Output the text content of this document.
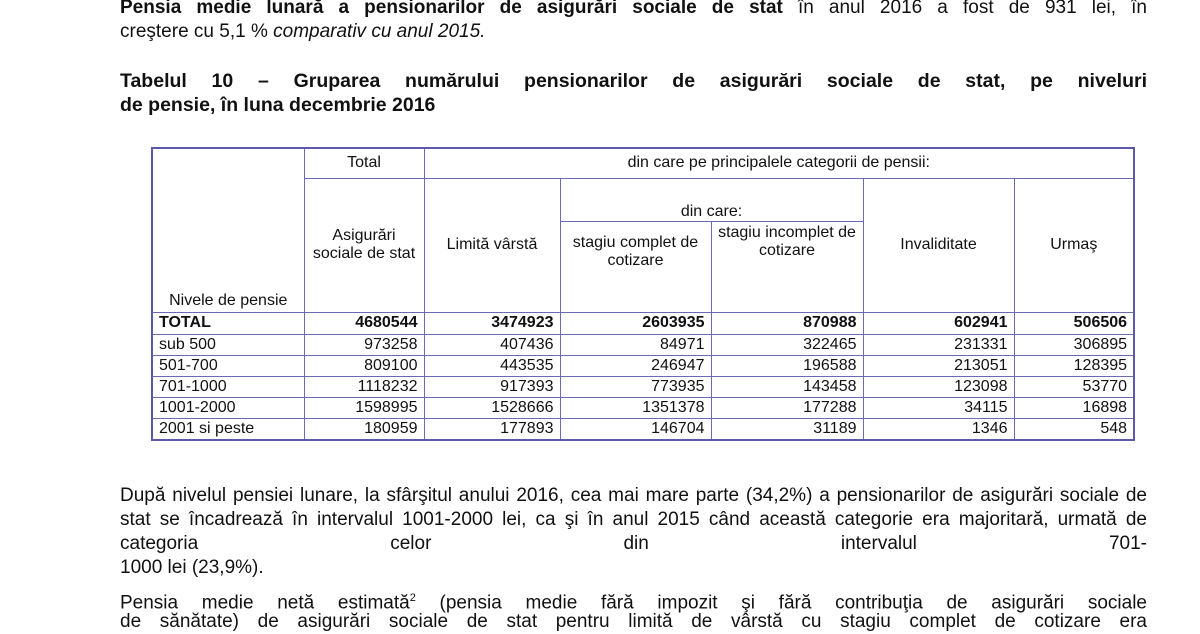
Pensia medie lunară a pensionarilor de asigurări sociale de stat în anul 2016 a fost de 931 lei, în
creştere cu 5,1 % comparativ cu anul 2015.
Tabelul 10 – Gruparea numărului pensionarilor de asigurări sociale de stat, pe niveluri
de pensie, în luna decembrie 2016
Nivele de pensie	Total	din care pe principalele categorii de pensii:				
	Asigurări sociale de stat	Limită vârstă	din care:		Invaliditate	Urmaş
			stagiu complet de cotizare	stagiu incomplet de cotizare		
TOTAL	4680544	3474923	2603935	870988	602941	506506
sub 500	973258	407436	84971	322465	231331	306895
501-700	809100	443535	246947	196588	213051	128395
701-1000	1118232	917393	773935	143458	123098	53770
1001-2000	1598995	1528666	1351378	177288	34115	16898
2001 si peste	180959	177893	146704	31189	1346	548
După nivelul pensiei lunare, la sfârşitul anului 2016, cea mai mare parte (34,2%) a pensionarilor de asigurări sociale de stat se încadrează în intervalul 1001-2000 lei, ca şi în anul 2015 când această categorie era majoritară, urmată de categoria celor din intervalul 701-
1000 lei (23,9%).
Pensia medie netă estimată$^2$ (pensia medie fără impozit şi fără contribuţia de asigurări sociale
de sănătate) de asigurări sociale de stat pentru limită de vârstă cu stagiu complet de cotizare era
